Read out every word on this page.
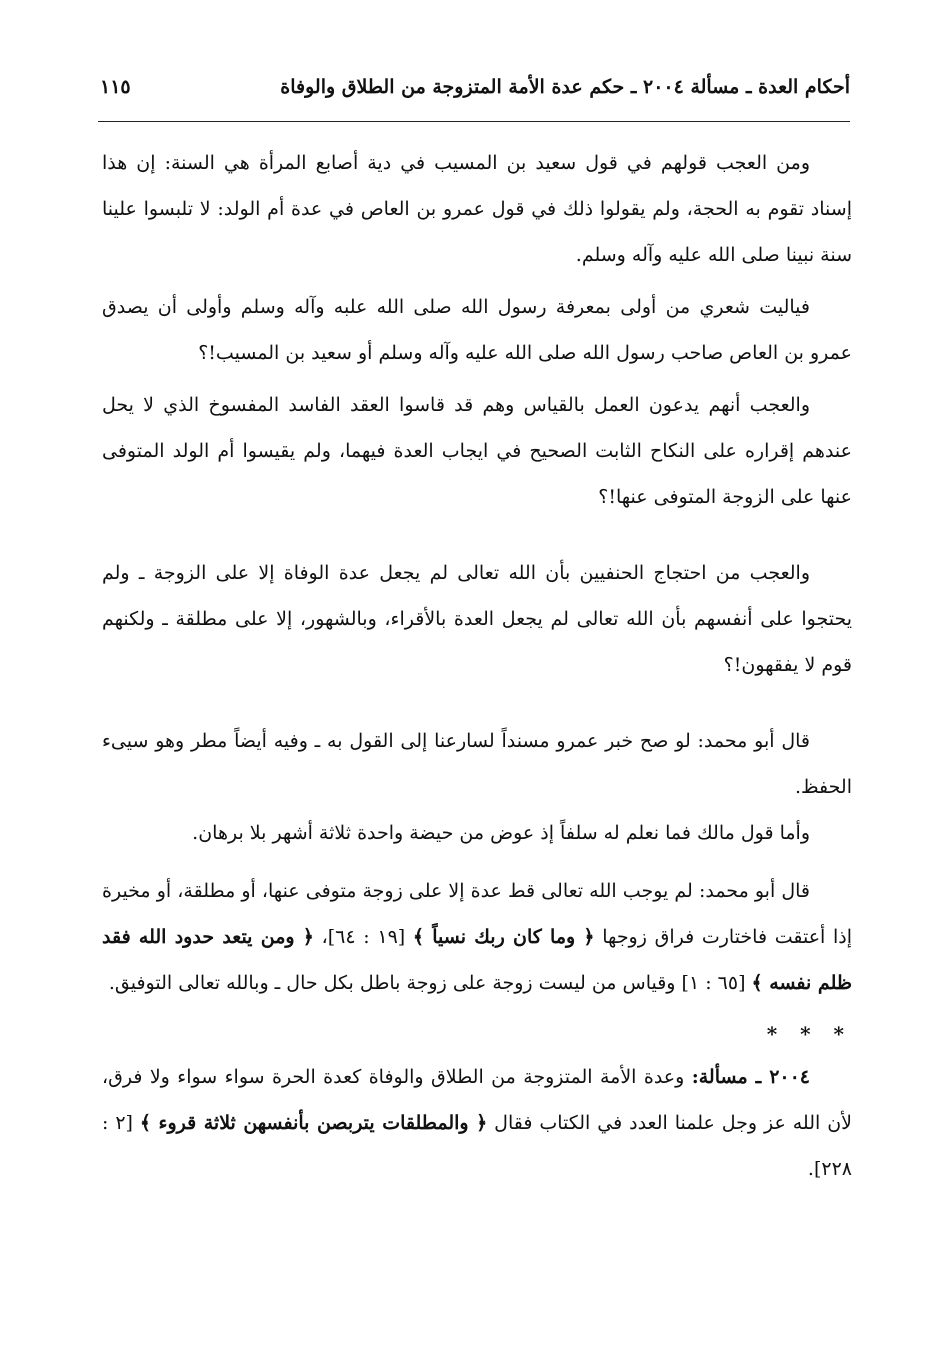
أحكام العدة ـ مسألة ٢٠٠٤ ـ حكم عدة الأمة المتزوجة من الطلاق والوفاة
١١٥

ومن العجب قولهم في قول سعيد بن المسيب في دية أصابع المرأة هي السنة: إن هذا إسناد تقوم به الحجة، ولم يقولوا ذلك في قول عمرو بن العاص في عدة أم الولد: لا تلبسوا علينا سنة نبينا صلى الله عليه وآله وسلم.

فياليت شعري من أولى بمعرفة رسول الله صلى الله علبه وآله وسلم وأولى أن يصدق عمرو بن العاص صاحب رسول الله صلى الله عليه وآله وسلم أو سعيد بن المسيب!؟

والعجب أنهم يدعون العمل بالقياس وهم قد قاسوا العقد الفاسد المفسوخ الذي لا يحل عندهم إقراره على النكاح الثابت الصحيح في ايجاب العدة فيهما، ولم يقيسوا أم الولد المتوفى عنها على الزوجة المتوفى عنها!؟

والعجب من احتجاج الحنفيين بأن الله تعالى لم يجعل عدة الوفاة إلا على الزوجة ـ ولم يحتجوا على أنفسهم بأن الله تعالى لم يجعل العدة بالأقراء، وبالشهور، إلا على مطلقة ـ ولكنهم قوم لا يفقهون!؟

قال أبو محمد: لو صح خبر عمرو مسنداً لسارعنا إلى القول به ـ وفيه أيضاً مطر وهو سيىء الحفظ.

وأما قول مالك فما نعلم له سلفاً إذ عوض من حيضة واحدة ثلاثة أشهر بلا برهان.

قال أبو محمد: لم يوجب الله تعالى قط عدة إلا على زوجة متوفى عنها، أو مطلقة، أو مخيرة إذا أعتقت فاختارت فراق زوجها ﴿ وما كان ربك نسياً ﴾ [١٩ : ٦٤]، ﴿ ومن يتعد حدود الله فقد ظلم نفسه ﴾ [٦٥ : ١] وقياس من ليست زوجة على زوجة باطل بكل حال ـ وبالله تعالى التوفيق.

* * *

٢٠٠٤ ـ مسألة: وعدة الأمة المتزوجة من الطلاق والوفاة كعدة الحرة سواء سواء ولا فرق، لأن الله عز وجل علمنا العدد في الكتاب فقال ﴿ والمطلقات يتربصن بأنفسهن ثلاثة قروء ﴾ [٢ : ٢٢٨].
